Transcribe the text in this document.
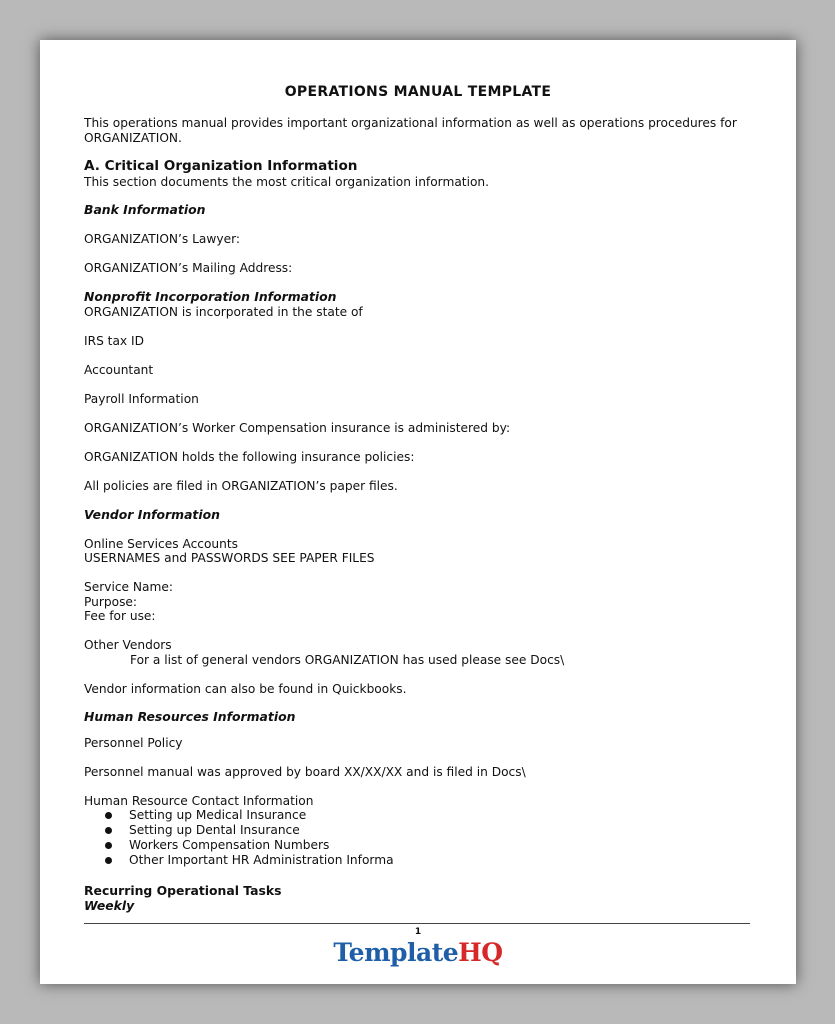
OPERATIONS MANUAL TEMPLATE
This operations manual provides important organizational information as well as operations procedures for ORGANIZATION.
A. Critical Organization Information
This section documents the most critical organization information.
Bank Information
ORGANIZATION’s Lawyer:
ORGANIZATION’s Mailing Address:
Nonprofit Incorporation Information
ORGANIZATION is incorporated in the state of
IRS tax ID
Accountant
Payroll Information
ORGANIZATION’s Worker Compensation insurance is administered by:
ORGANIZATION holds the following insurance policies:
All policies are filed in ORGANIZATION’s paper files.
Vendor Information
Online Services Accounts
USERNAMES and PASSWORDS SEE PAPER FILES
Service Name:
Purpose:
Fee for use:
Other Vendors
For a list of general vendors ORGANIZATION has used please see Docs\
Vendor information can also be found in Quickbooks.
Human Resources Information
Personnel Policy
Personnel manual was approved by board XX/XX/XX and is filed in Docs\
Human Resource Contact Information
Setting up Medical Insurance
Setting up Dental Insurance
Workers Compensation Numbers
Other Important HR Administration Informa
Recurring Operational Tasks
Weekly
1
TemplateHQ
